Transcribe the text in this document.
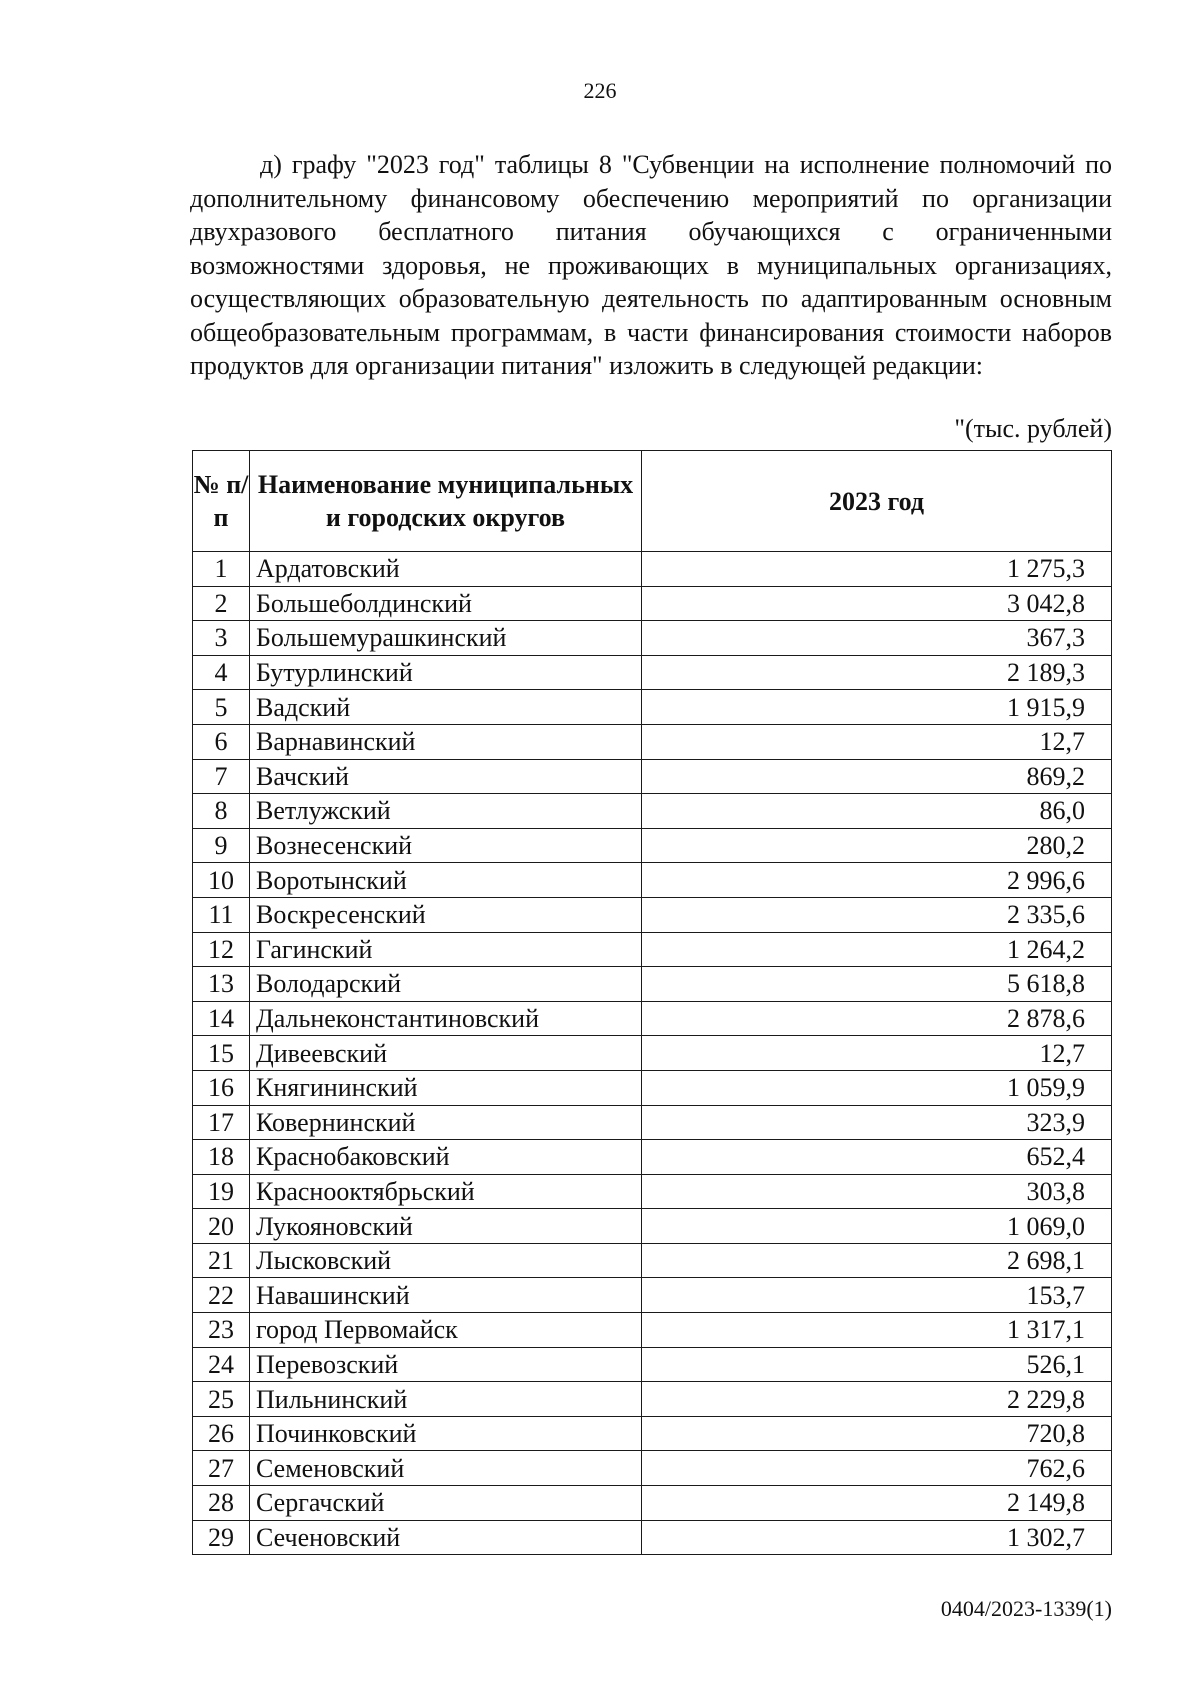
226

д) графу "2023 год" таблицы 8 "Субвенции на исполнение полномочий по дополнительному финансовому обеспечению мероприятий по организации двухразового бесплатного питания обучающихся с ограниченными возможностями здоровья, не проживающих в муниципальных организациях, осуществляющих образовательную деятельность по адаптированным основным общеобразовательным программам, в части финансирования стоимости наборов продуктов для организации питания" изложить в следующей редакции:

"(тыс. рублей)
№ п/п	Наименование муниципальных и городских округов	2023 год
1	Ардатовский	1 275,3
2	Большеболдинский	3 042,8
3	Большемурашкинский	367,3
4	Бутурлинский	2 189,3
5	Вадский	1 915,9
6	Варнавинский	12,7
7	Вачский	869,2
8	Ветлужский	86,0
9	Вознесенский	280,2
10	Воротынский	2 996,6
11	Воскресенский	2 335,6
12	Гагинский	1 264,2
13	Володарский	5 618,8
14	Дальнеконстантиновский	2 878,6
15	Дивеевский	12,7
16	Княгининский	1 059,9
17	Ковернинский	323,9
18	Краснобаковский	652,4
19	Краснооктябрьский	303,8
20	Лукояновский	1 069,0
21	Лысковский	2 698,1
22	Навашинский	153,7
23	город Первомайск	1 317,1
24	Перевозский	526,1
25	Пильнинский	2 229,8
26	Починковский	720,8
27	Семеновский	762,6
28	Сергачский	2 149,8
29	Сеченовский	1 302,7
0404/2023-1339(1)
